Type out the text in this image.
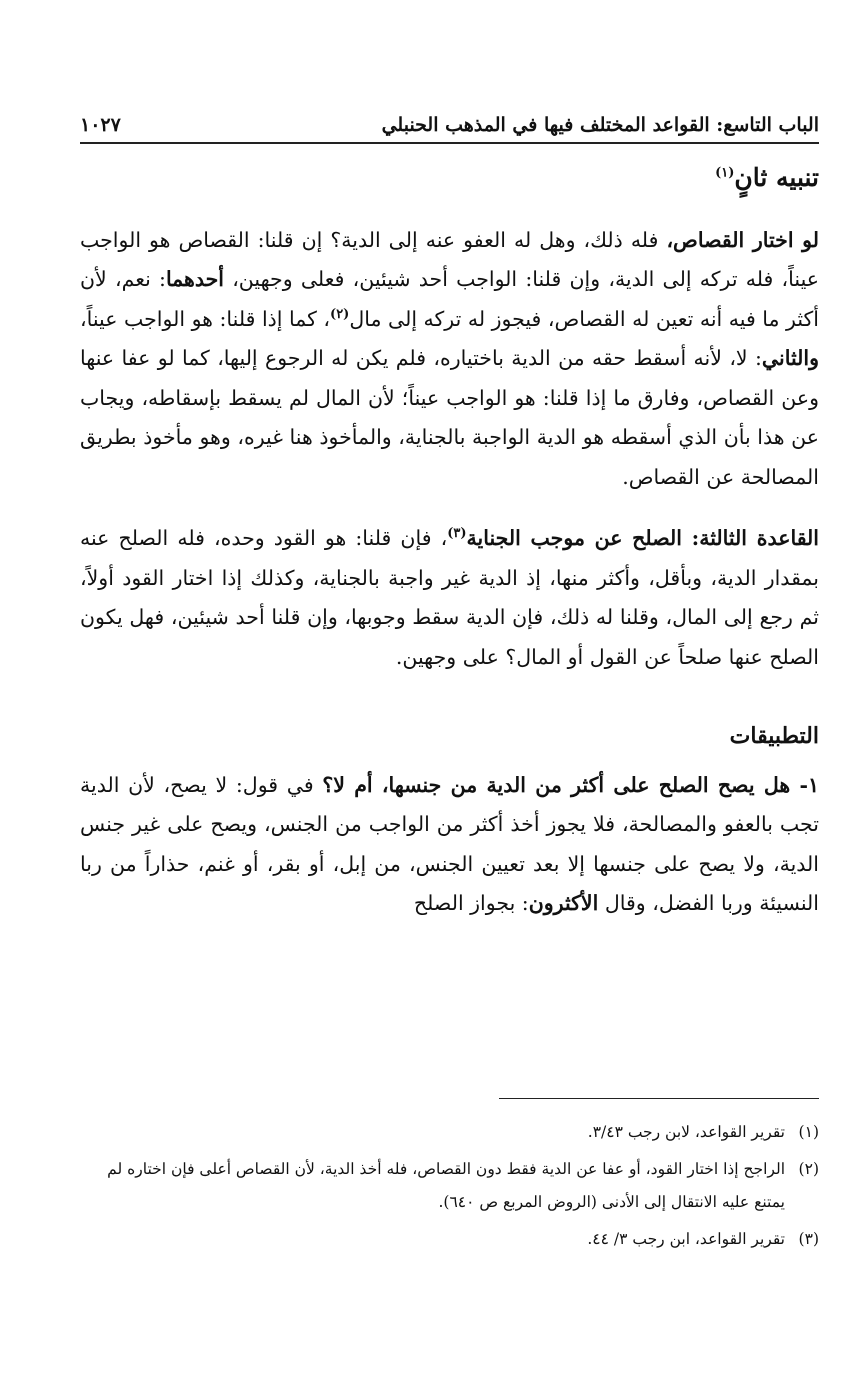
الباب التاسع: القواعد المختلف فيها في المذهب الحنبلي
١٠٢٧
تنبيه ثانٍ$^{(١)}$
لو اختار القصاص، فله ذلك، وهل له العفو عنه إلى الدية؟ إن قلنا: القصاص هو الواجب عيناً، فله تركه إلى الدية، وإن قلنا: الواجب أحد شيئين، فعلى وجهين، أحدهما: نعم، لأن أكثر ما فيه أنه تعين له القصاص، فيجوز له تركه إلى مال$^{(٢)}$، كما إذا قلنا: هو الواجب عيناً، والثاني: لا، لأنه أسقط حقه من الدية باختياره، فلم يكن له الرجوع إليها، كما لو عفا عنها وعن القصاص، وفارق ما إذا قلنا: هو الواجب عيناً؛ لأن المال لم يسقط بإسقاطه، ويجاب عن هذا بأن الذي أسقطه هو الدية الواجبة بالجناية، والمأخوذ هنا غيره، وهو مأخوذ بطريق المصالحة عن القصاص.
القاعدة الثالثة: الصلح عن موجب الجناية$^{(٣)}$، فإن قلنا: هو القود وحده، فله الصلح عنه بمقدار الدية، وبأقل، وأكثر منها، إذ الدية غير واجبة بالجناية، وكذلك إذا اختار القود أولاً، ثم رجع إلى المال، وقلنا له ذلك، فإن الدية سقط وجوبها، وإن قلنا أحد شيئين، فهل يكون الصلح عنها صلحاً عن القول أو المال؟ على وجهين.
التطبيقات
١- هل يصح الصلح على أكثر من الدية من جنسها، أم لا؟ في قول: لا يصح، لأن الدية تجب بالعفو والمصالحة، فلا يجوز أخذ أكثر من الواجب من الجنس، ويصح على غير جنس الدية، ولا يصح على جنسها إلا بعد تعيين الجنس، من إبل، أو بقر، أو غنم، حذاراً من ربا النسيئة وربا الفضل، وقال الأكثرون: بجواز الصلح
(١)
تقرير القواعد، لابن رجب ٣/٤٣.
(٢)
الراجح إذا اختار القود، أو عفا عن الدية فقط دون القصاص، فله أخذ الدية، لأن القصاص أعلى فإن اختاره لم يمتنع عليه الانتقال إلى الأدنى (الروض المربع ص ٦٤٠).
(٣)
تقرير القواعد، ابن رجب ٣/ ٤٤.
